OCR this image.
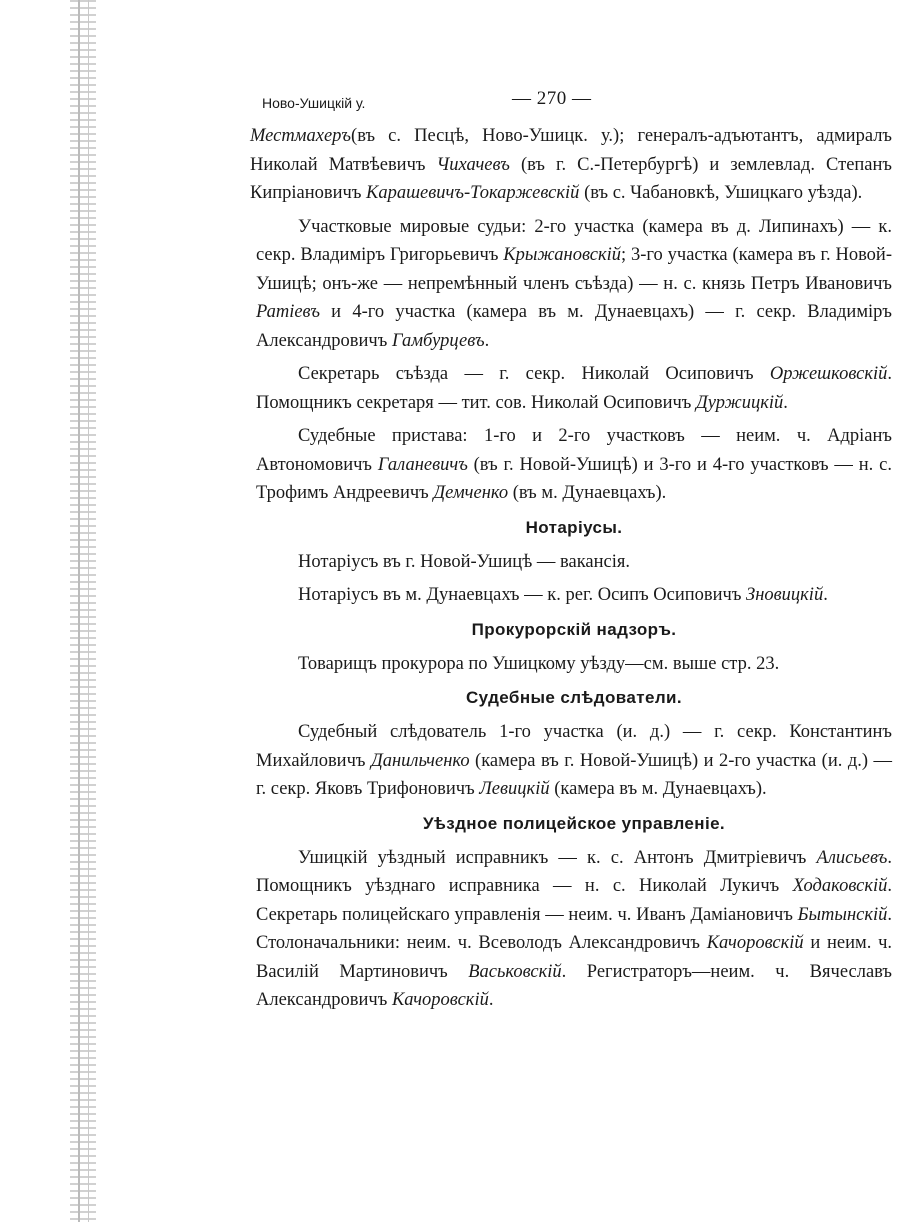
Ново-Ушицкiй у.	— 270 —

Местмахеръ(въ с. Песцѣ, Ново-Ушицк. у.); генералъ-адъютантъ, адмиралъ Николай Матвѣевичъ Чихачевъ (въ г. С.-Петербургѣ) и землевлад. Степанъ Кипрiановичъ Карашевичъ-Токаржевскiй (въ с. Чабановкѣ, Ушицкаго уѣзда).

Участковые мировые судьи: 2-го участка (камера въ д. Липинахъ) — к. секр. Владимiръ Григорьевичъ Крыжановскiй; 3-го участка (камера въ г. Новой-Ушицѣ; онъ-же — непремѣнный членъ съѣзда) — н. с. князь Петръ Ивановичъ Ратiевъ и 4-го участка (камера въ м. Дунаевцахъ) — г. секр. Владимiръ Александровичъ Гамбурцевъ.

Секретарь съѣзда — г. секр. Николай Осиповичъ Оржешковскiй. Помощникъ секретаря — тит. сов. Николай Осиповичъ Дуржицкiй.

Судебные пристава: 1-го и 2-го участковъ — неим. ч. Адрiанъ Автономовичъ Галаневичъ (въ г. Новой-Ушицѣ) и 3-го и 4-го участковъ — н. с. Трофимъ Андреевичъ Демченко (въ м. Дунаевцахъ).

Нотарiусы.

Нотарiусъ въ г. Новой-Ушицѣ — вакансiя.

Нотарiусъ въ м. Дунаевцахъ — к. рег. Осипъ Осиповичъ Зновицкiй.

Прокурорскiй надзоръ.

Товарищъ прокурора по Ушицкому уѣзду—см. выше стр. 23.

Судебные слѣдователи.

Судебный слѣдователь 1-го участка (и. д.) — г. секр. Константинъ Михайловичъ Данильченко (камера въ г. Новой-Ушицѣ) и 2-го участка (и. д.) — г. секр. Яковъ Трифоновичъ Левицкiй (камера въ м. Дунаевцахъ).

Уѣздное полицейское управленiе.

Ушицкiй уѣздный исправникъ — к. с. Антонъ Дмитрiевичъ Алисьевъ. Помощникъ уѣзднаго исправника — н. с. Николай Лукичъ Ходаковскiй. Секретарь полицейскаго управленiя — неим. ч. Иванъ Дамiановичъ Бытынскiй. Столоначальники: неим. ч. Всеволодъ Александровичъ Качоровскiй и неим. ч. Василiй Мартиновичъ Васьковскiй. Регистраторъ—неим. ч. Вячеславъ Александровичъ Качоровскiй.
